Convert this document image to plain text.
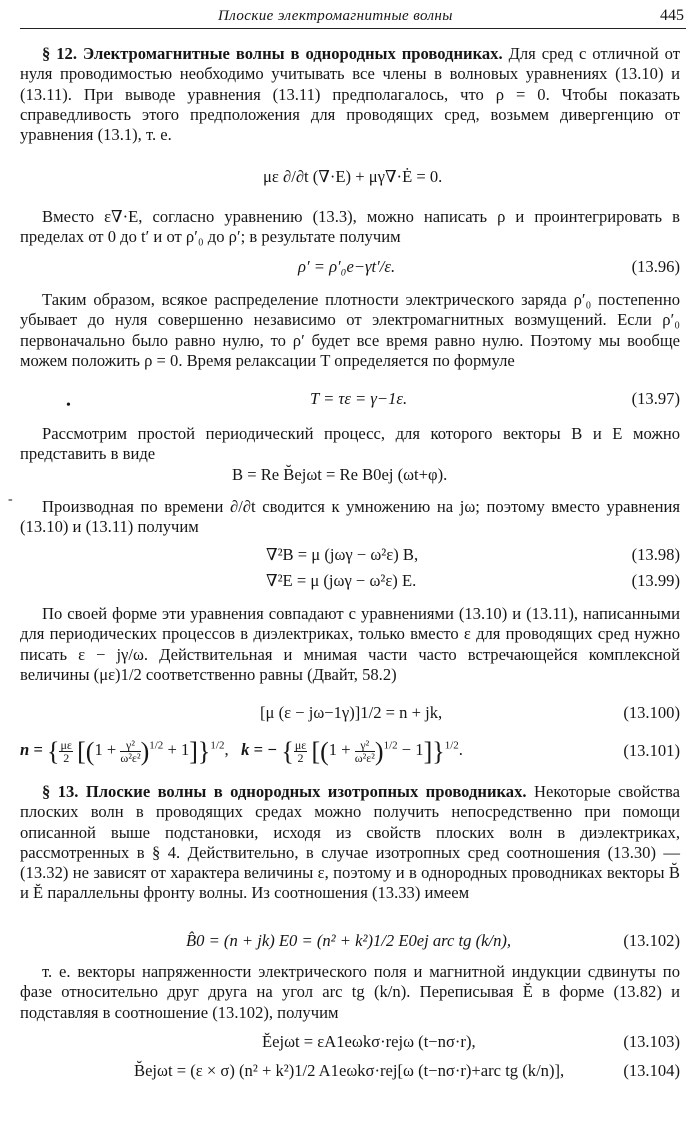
Плоские электромагнитные волны	445
§ 12. Электромагнитные волны в однородных проводниках. Для сред с отличной от нуля проводимостью необходимо учитывать все члены в волновых уравнениях (13.10) и (13.11). При выводе уравнения (13.11) предполагалось, что ρ = 0. Чтобы показать справедливость этого предположения для проводящих сред, возьмем дивергенцию от уравнения (13.1), т. е.
με ∂/∂t (∇·E) + μγ∇·Ė = 0.
Вместо ε∇·E, согласно уравнению (13.3), можно написать ρ и проинтегрировать в пределах от 0 до t′ и от ρ′₀ до ρ′; в результате получим
ρ′ = ρ′₀e−γt′/ε.	(13.96)
Таким образом, всякое распределение плотности электрического заряда ρ′₀ постепенно убывает до нуля совершенно независимо от электромагнитных возмущений. Если ρ′₀ первоначально было равно нулю, то ρ′ будет все время равно нулю. Поэтому мы вообще можем положить ρ = 0. Время релаксации T определяется по формуле
•	T = τε = γ−1ε.	(13.97)
Рассмотрим простой периодический процесс, для которого векторы B и E можно представить в виде
B = Re B̆ejωt = Re B0ej (ωt+φ).
-	Производная по времени ∂/∂t сводится к умножению на jω; поэтому вместо уравнения (13.10) и (13.11) получим
∇²B = μ (jωγ − ω²ε) B,	(13.98)
∇²E = μ (jωγ − ω²ε) E.	(13.99)
По своей форме эти уравнения совпадают с уравнениями (13.10) и (13.11), написанными для периодических процессов в диэлектриках, только вместо ε для проводящих сред нужно писать ε − jγ/ω. Действительная и мнимая части часто встречающейся комплексной величины (με)1/2 соответственно равны (Двайт, 58.2)
[μ (ε − jω−1γ)]1/2 = n + jk,	(13.100)
n = { $\frac{\mu\varepsilon}{2} [(1 + \frac{\text{γ²}}{\text{ω²ε²}} )^{1/2} + 1]\}^{1/2}$,   k = − { $\frac{\mu\varepsilon}{2} [(1 + \frac{\text{γ²}}{\text{ω²ε²}} )^{1/2} - 1]\}^{1/2}$.	(13.101)
§ 13. Плоские волны в однородных изотропных проводниках. Некоторые свойства плоских волн в проводящих средах можно получить непосредственно при помощи описанной выше подстановки, исходя из свойств плоских волн в диэлектриках, рассмотренных в § 4. Действительно, в случае изотропных сред соотношения (13.30) — (13.32) не зависят от характера величины ε, поэтому и в однородных проводниках векторы B̆ и Ĕ параллельны фронту волны. Из соотношения (13.33) имеем
B̂0 = (n + jk) E0 = (n² + k²)1/2 E0ej arc tg (k/n),	(13.102)
т. е. векторы напряженности электрического поля и магнитной индукции сдвинуты по фазе относительно друг друга на угол arc tg (k/n). Переписывая Ĕ в форме (13.82) и подставляя в соотношение (13.102), получим
Ĕejωt = εA1eωkσ·rejω (t−nσ·r),	(13.103)
B̆ejωt = (ε × σ) (n² + k²)1/2 A1eωkσ·rej[ω (t−nσ·r)+arc tg (k/n)],	(13.104)
